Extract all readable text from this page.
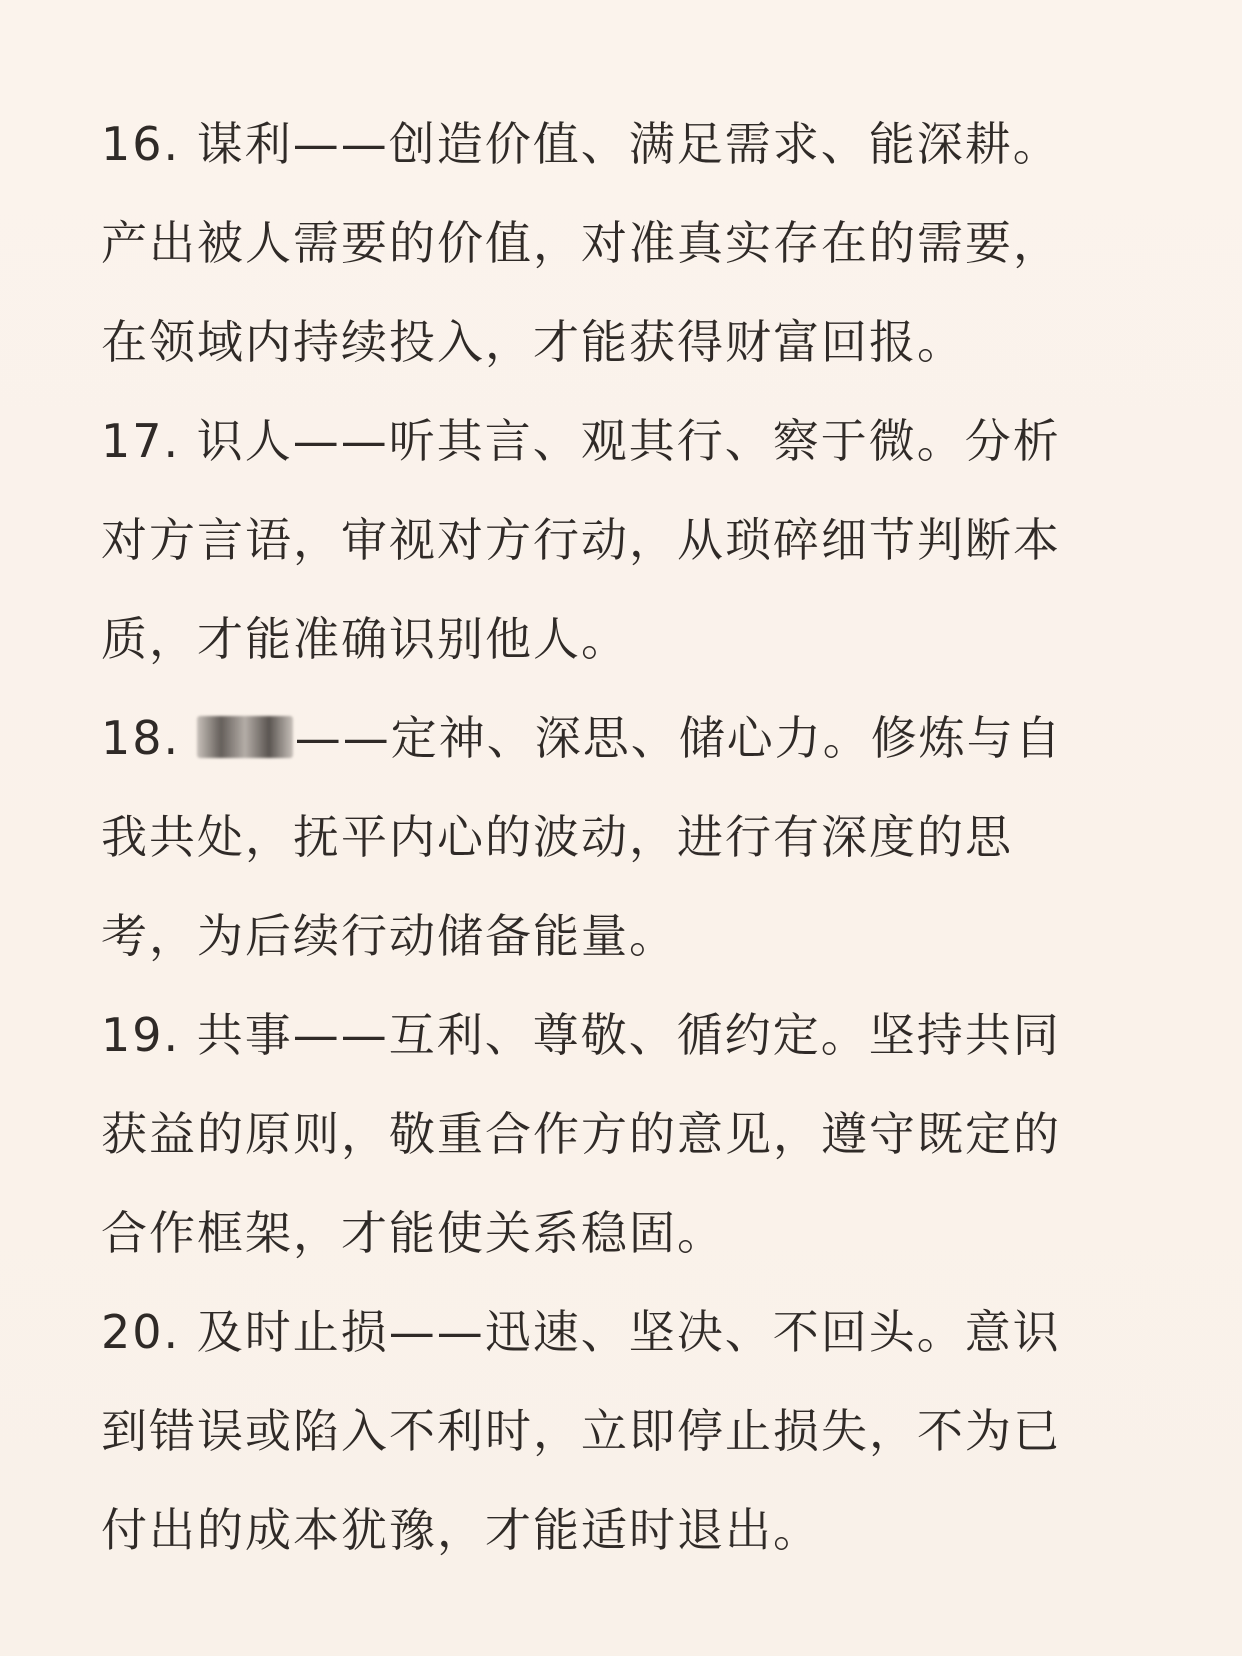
16. 谋利——创造价值、满足需求、能深耕。
产出被人需要的价值，对准真实存在的需要，
在领域内持续投入，才能获得财富回报。
17. 识人——听其言、观其行、察于微。分析
对方言语，审视对方行动，从琐碎细节判断本
质，才能准确识别他人。
18. ——定神、深思、储心力。修炼与自
我共处，抚平内心的波动，进行有深度的思
考，为后续行动储备能量。
19. 共事——互利、尊敬、循约定。坚持共同
获益的原则，敬重合作方的意见，遵守既定的
合作框架，才能使关系稳固。
20. 及时止损——迅速、坚决、不回头。意识
到错误或陷入不利时，立即停止损失，不为已
付出的成本犹豫，才能适时退出。
